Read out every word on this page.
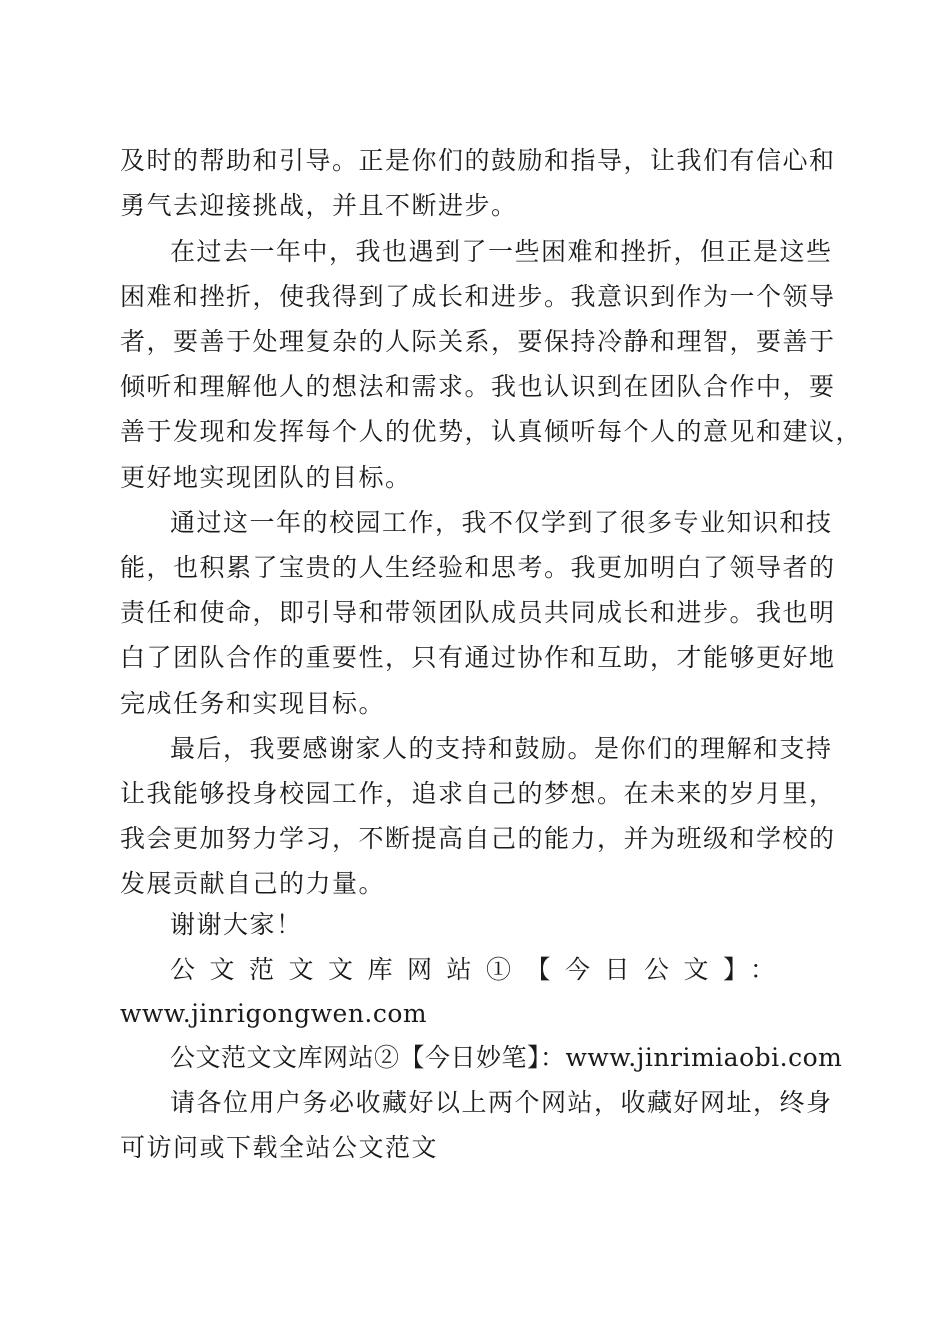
及时的帮助和引导。正是你们的鼓励和指导，让我们有信心和
勇气去迎接挑战，并且不断进步。
在过去一年中，我也遇到了一些困难和挫折，但正是这些
困难和挫折，使我得到了成长和进步。我意识到作为一个领导
者，要善于处理复杂的人际关系，要保持冷静和理智，要善于
倾听和理解他人的想法和需求。我也认识到在团队合作中，要
善于发现和发挥每个人的优势，认真倾听每个人的意见和建议，
更好地实现团队的目标。
通过这一年的校园工作，我不仅学到了很多专业知识和技
能，也积累了宝贵的人生经验和思考。我更加明白了领导者的
责任和使命，即引导和带领团队成员共同成长和进步。我也明
白了团队合作的重要性，只有通过协作和互助，才能够更好地
完成任务和实现目标。
最后，我要感谢家人的支持和鼓励。是你们的理解和支持
让我能够投身校园工作，追求自己的梦想。在未来的岁月里，
我会更加努力学习，不断提高自己的能力，并为班级和学校的
发展贡献自己的力量。
谢谢大家！
公文范文文库网站①【今日公文】：
www.jinrigongwen.com
公文范文文库网站②【今日妙笔】：www.jinrimiaobi.com
请各位用户务必收藏好以上两个网站，收藏好网址，终身
可访问或下载全站公文范文
